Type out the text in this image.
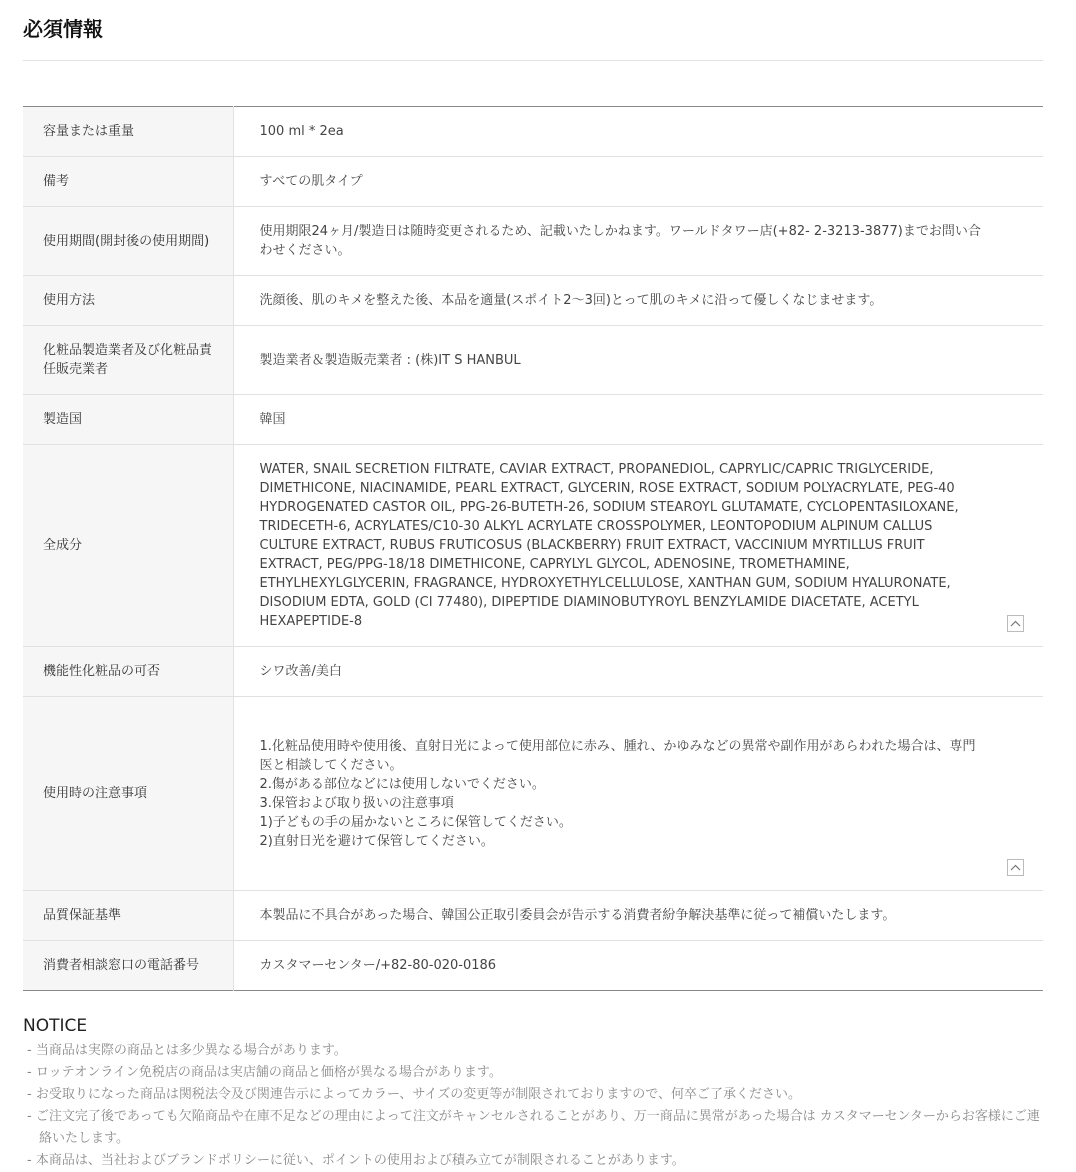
必須情報
容量または重量	100 ml * 2ea
備考	すべての肌タイプ
使用期間(開封後の使用期間)	使用期限24ヶ月/製造日は随時変更されるため、記載いたしかねます。ワールドタワー店(+82- 2-3213-3877)までお問い合わせください。
使用方法	洗顔後、肌のキメを整えた後、本品を適量(スポイト2〜3回)とって肌のキメに沿って優しくなじませます。
化粧品製造業者及び化粧品責任販売業者	製造業者＆製造販売業者 : (株)IT S HANBUL
製造国	韓国
全成分	WATER, SNAIL SECRETION FILTRATE, CAVIAR EXTRACT, PROPANEDIOL, CAPRYLIC/CAPRIC TRIGLYCERIDE, DIMETHICONE, NIACINAMIDE, PEARL EXTRACT, GLYCERIN, ROSE EXTRACT, SODIUM POLYACRYLATE, PEG-40 HYDROGENATED CASTOR OIL, PPG-26-BUTETH-26, SODIUM STEAROYL GLUTAMATE, CYCLOPENTASILOXANE, TRIDECETH-6, ACRYLATES/C10-30 ALKYL ACRYLATE CROSSPOLYMER, LEONTOPODIUM ALPINUM CALLUS CULTURE EXTRACT, RUBUS FRUTICOSUS (BLACKBERRY) FRUIT EXTRACT, VACCINIUM MYRTILLUS FRUIT EXTRACT, PEG/PPG-18/18 DIMETHICONE, CAPRYLYL GLYCOL, ADENOSINE, TROMETHAMINE, ETHYLHEXYLGLYCERIN, FRAGRANCE, HYDROXYETHYLCELLULOSE, XANTHAN GUM, SODIUM HYALURONATE, DISODIUM EDTA, GOLD (CI 77480), DIPEPTIDE DIAMINOBUTYROYL BENZYLAMIDE DIACETATE, ACETYL HEXAPEPTIDE-8

機能性化粧品の可否	シワ改善/美白
使用時の注意事項	1.化粧品使用時や使用後、直射日光によって使用部位に赤み、腫れ、かゆみなどの異常や副作用があらわれた場合は、専門医と相談してください。

2.傷がある部位などには使用しないでください。

3.保管および取り扱いの注意事項

1)子どもの手の届かないところに保管してください。

2)直射日光を避けて保管してください。

品質保証基準	本製品に不具合があった場合、韓国公正取引委員会が告示する消費者紛争解決基準に従って補償いたします。
消費者相談窓口の電話番号	カスタマーセンター/+82-80-020-0186
NOTICE
- 当商品は実際の商品とは多少異なる場合があります。
- ロッテオンライン免税店の商品は実店舗の商品と価格が異なる場合があります。
- お受取りになった商品は関税法令及び関連告示によってカラー、サイズの変更等が制限されておりますので、何卒ご了承ください。
- ご注文完了後であっても欠陥商品や在庫不足などの理由によって注文がキャンセルされることがあり、万一商品に異常があった場合は カスタマーセンターからお客様にご連絡いたします。
- 本商品は、当社およびブランドポリシーに従い、ポイントの使用および積み立てが制限されることがあります。
